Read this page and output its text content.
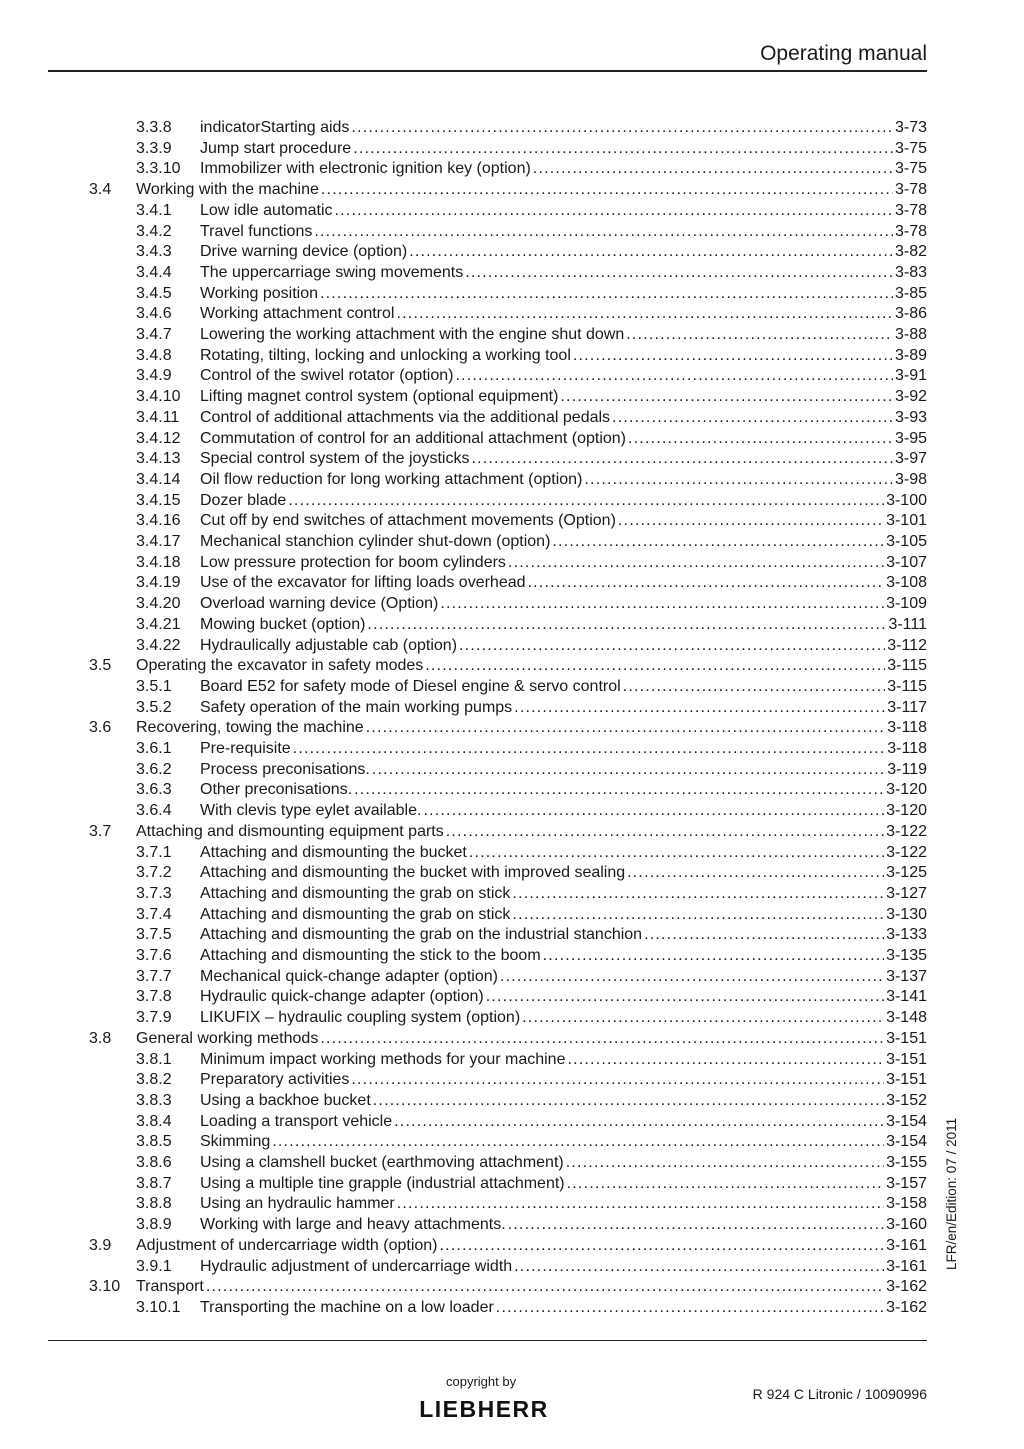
Operating manual
3.3.8 indicatorStarting aids .....	3-73
3.3.9 Jump start procedure .....	3-75
3.3.10 Immobilizer with electronic ignition key (option) .....	3-75
3.4 Working with the machine .....	3-78
3.4.1 Low idle automatic .....	3-78
3.4.2 Travel functions .....	3-78
3.4.3 Drive warning device (option) .....	3-82
3.4.4 The uppercarriage swing movements .....	3-83
3.4.5 Working position .....	3-85
3.4.6 Working attachment control .....	3-86
3.4.7 Lowering the working attachment with the engine shut down .....	3-88
3.4.8 Rotating, tilting, locking and unlocking a working tool .....	3-89
3.4.9 Control of the swivel rotator (option) .....	3-91
3.4.10 Lifting magnet control system (optional equipment) .....	3-92
3.4.11 Control of additional attachments via the additional pedals .....	3-93
3.4.12 Commutation of control for an additional attachment (option) .....	3-95
3.4.13 Special control system of the joysticks .....	3-97
3.4.14 Oil flow reduction for long working attachment (option) .....	3-98
3.4.15 Dozer blade .....	3-100
3.4.16 Cut off by end switches of attachment movements (Option) .....	3-101
3.4.17 Mechanical stanchion cylinder shut-down (option) .....	3-105
3.4.18 Low pressure protection for boom cylinders .....	3-107
3.4.19 Use of the excavator for lifting loads overhead .....	3-108
3.4.20 Overload warning device (Option) .....	3-109
3.4.21 Mowing bucket (option) .....	3-111
3.4.22 Hydraulically adjustable cab (option) .....	3-112
3.5 Operating the excavator in safety modes .....	3-115
3.5.1 Board E52 for safety mode of Diesel engine & servo control .....	3-115
3.5.2 Safety operation of the main working pumps .....	3-117
3.6 Recovering, towing the machine .....	3-118
3.6.1 Pre-requisite .....	3-118
3.6.2 Process preconisations. .....	3-119
3.6.3 Other preconisations. .....	3-120
3.6.4 With clevis type eylet available. .....	3-120
3.7 Attaching and dismounting equipment parts .....	3-122
3.7.1 Attaching and dismounting the bucket .....	3-122
3.7.2 Attaching and dismounting the bucket with improved sealing .....	3-125
3.7.3 Attaching and dismounting the grab on stick .....	3-127
3.7.4 Attaching and dismounting the grab on stick .....	3-130
3.7.5 Attaching and dismounting the grab on the industrial stanchion .....	3-133
3.7.6 Attaching and dismounting the stick to the boom .....	3-135
3.7.7 Mechanical quick-change adapter (option) .....	3-137
3.7.8 Hydraulic quick-change adapter (option) .....	3-141
3.7.9 LIKUFIX – hydraulic coupling system (option) .....	3-148
3.8 General working methods .....	3-151
3.8.1 Minimum impact working methods for your machine .....	3-151
3.8.2 Preparatory activities .....	3-151
3.8.3 Using a backhoe bucket .....	3-152
3.8.4 Loading a transport vehicle .....	3-154
3.8.5 Skimming .....	3-154
3.8.6 Using a clamshell bucket (earthmoving attachment) .....	3-155
3.8.7 Using a multiple tine grapple (industrial attachment) .....	3-157
3.8.8 Using an hydraulic hammer .....	3-158
3.8.9 Working with large and heavy attachments. .....	3-160
3.9 Adjustment of undercarriage width (option) .....	3-161
3.9.1 Hydraulic adjustment of undercarriage width .....	3-161
3.10 Transport .....	3-162
3.10.1 Transporting the machine on a low loader .....	3-162
LFR/en/Edition: 07 / 2011
copyright by
LIEBHERR
R 924 C Litronic / 10090996
